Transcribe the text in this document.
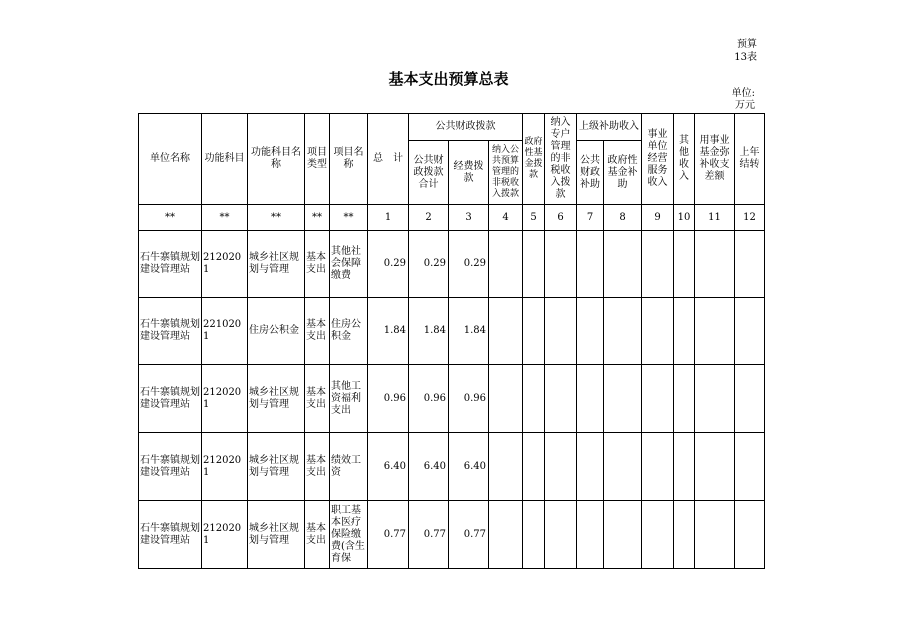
预算
13表
基本支出预算总表
单位:
万元
单位名称	功能科目	功能科目名称	项目类型	项目名称	总　计	公共财政拨款			政府性基金拨款	纳入专户管理的非税收入拨款	上级补助收入		事业单位经营服务收入	其他收入	用事业基金弥补收支差额	上年结转
						公共财政拨款合计	经费拨款	纳入公共预算管理的非税收入拨款			公共财政补助	政府性基金补助				
**	**	**	**	**	1	2	3	4	5	6	7	8	9	10	11	12
石牛寨镇规划建设管理站	2120201	城乡社区规划与管理	基本支出	其他社会保障缴费	0.29	0.29	0.29									
石牛寨镇规划建设管理站	2210201	住房公积金	基本支出	住房公积金	1.84	1.84	1.84									
石牛寨镇规划建设管理站	2120201	城乡社区规划与管理	基本支出	其他工资福利支出	0.96	0.96	0.96									
石牛寨镇规划建设管理站	2120201	城乡社区规划与管理	基本支出	绩效工资	6.40	6.40	6.40									
石牛寨镇规划建设管理站	2120201	城乡社区规划与管理	基本支出	职工基本医疗保险缴费(含生育保	0.77	0.77	0.77									
